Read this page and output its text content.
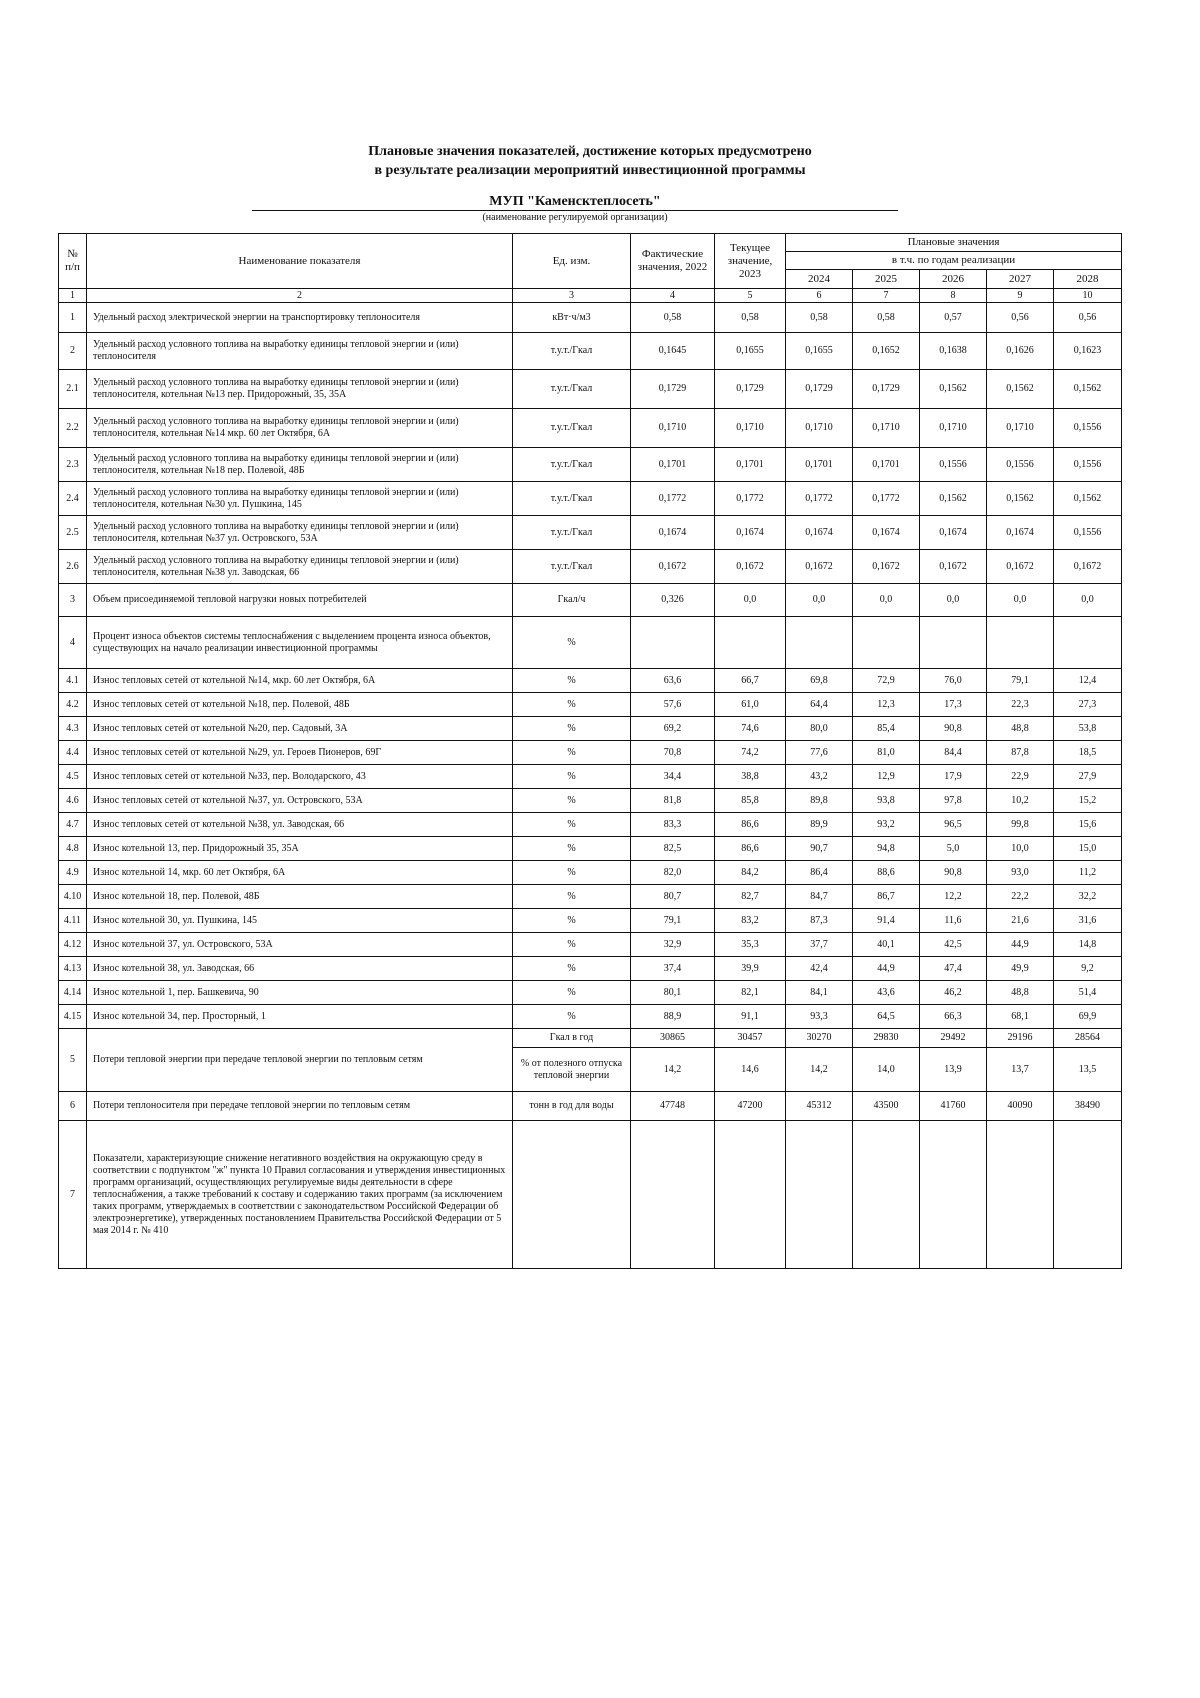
Плановые значения показателей, достижение которых предусмотрено
в результате реализации мероприятий инвестиционной программы
МУП "Каменсктеплосеть"
(наименование регулируемой организации)
№ п/п	Наименование показателя	Ед. изм.	Фактические значения, 2022	Текущее значение, 2023	Плановые значения				
					в т.ч. по годам реализации				
					2024	2025	2026	2027	2028
1	2	3	4	5	6	7	8	9	10
1	Удельный расход электрической энергии на транспортировку теплоносителя	кВт·ч/м3	0,58	0,58	0,58	0,58	0,57	0,56	0,56
2	Удельный расход условного топлива на выработку единицы тепловой энергии и (или) теплоносителя	т.у.т./Гкал	0,1645	0,1655	0,1655	0,1652	0,1638	0,1626	0,1623
2.1	Удельный расход условного топлива на выработку единицы тепловой энергии и (или) теплоносителя, котельная №13 пер. Придорожный, 35, 35А	т.у.т./Гкал	0,1729	0,1729	0,1729	0,1729	0,1562	0,1562	0,1562
2.2	Удельный расход условного топлива на выработку единицы тепловой энергии и (или) теплоносителя, котельная №14 мкр. 60 лет Октября, 6А	т.у.т./Гкал	0,1710	0,1710	0,1710	0,1710	0,1710	0,1710	0,1556
2.3	Удельный расход условного топлива на выработку единицы тепловой энергии и (или) теплоносителя, котельная №18 пер. Полевой, 48Б	т.у.т./Гкал	0,1701	0,1701	0,1701	0,1701	0,1556	0,1556	0,1556
2.4	Удельный расход условного топлива на выработку единицы тепловой энергии и (или) теплоносителя, котельная №30 ул. Пушкина, 145	т.у.т./Гкал	0,1772	0,1772	0,1772	0,1772	0,1562	0,1562	0,1562
2.5	Удельный расход условного топлива на выработку единицы тепловой энергии и (или) теплоносителя, котельная №37 ул. Островского, 53А	т.у.т./Гкал	0,1674	0,1674	0,1674	0,1674	0,1674	0,1674	0,1556
2.6	Удельный расход условного топлива на выработку единицы тепловой энергии и (или) теплоносителя, котельная №38 ул. Заводская, 66	т.у.т./Гкал	0,1672	0,1672	0,1672	0,1672	0,1672	0,1672	0,1672
3	Объем присоединяемой тепловой нагрузки новых потребителей	Гкал/ч	0,326	0,0	0,0	0,0	0,0	0,0	0,0
4	Процент износа объектов системы теплоснабжения с выделением процента износа объектов, существующих на начало реализации инвестиционной программы	%							
4.1	Износ тепловых сетей от котельной №14, мкр. 60 лет Октября, 6А	%	63,6	66,7	69,8	72,9	76,0	79,1	12,4
4.2	Износ тепловых сетей от котельной №18, пер. Полевой, 48Б	%	57,6	61,0	64,4	12,3	17,3	22,3	27,3
4.3	Износ тепловых сетей от котельной №20, пер. Садовый, 3А	%	69,2	74,6	80,0	85,4	90,8	48,8	53,8
4.4	Износ тепловых сетей от котельной №29, ул. Героев Пионеров, 69Г	%	70,8	74,2	77,6	81,0	84,4	87,8	18,5
4.5	Износ тепловых сетей от котельной №33, пер. Володарского, 43	%	34,4	38,8	43,2	12,9	17,9	22,9	27,9
4.6	Износ тепловых сетей от котельной №37, ул. Островского, 53А	%	81,8	85,8	89,8	93,8	97,8	10,2	15,2
4.7	Износ тепловых сетей от котельной №38, ул. Заводская, 66	%	83,3	86,6	89,9	93,2	96,5	99,8	15,6
4.8	Износ котельной 13, пер. Придорожный 35, 35А	%	82,5	86,6	90,7	94,8	5,0	10,0	15,0
4.9	Износ котельной 14, мкр. 60 лет Октября, 6А	%	82,0	84,2	86,4	88,6	90,8	93,0	11,2
4.10	Износ котельной 18, пер. Полевой, 48Б	%	80,7	82,7	84,7	86,7	12,2	22,2	32,2
4.11	Износ котельной 30, ул. Пушкина, 145	%	79,1	83,2	87,3	91,4	11,6	21,6	31,6
4.12	Износ котельной 37, ул. Островского, 53А	%	32,9	35,3	37,7	40,1	42,5	44,9	14,8
4.13	Износ котельной 38, ул. Заводская, 66	%	37,4	39,9	42,4	44,9	47,4	49,9	9,2
4.14	Износ котельной 1, пер. Башкевича, 90	%	80,1	82,1	84,1	43,6	46,2	48,8	51,4
4.15	Износ котельной 34, пер. Просторный, 1	%	88,9	91,1	93,3	64,5	66,3	68,1	69,9
5	Потери тепловой энергии при передаче тепловой энергии по тепловым сетям	Гкал в год	30865	30457	30270	29830	29492	29196	28564
		% от полезного отпуска тепловой энергии	14,2	14,6	14,2	14,0	13,9	13,7	13,5
6	Потери теплоносителя при передаче тепловой энергии по тепловым сетям	тонн в год для воды	47748	47200	45312	43500	41760	40090	38490
7	Показатели, характеризующие снижение негативного воздействия на окружающую среду в соответствии с подпунктом "ж" пункта 10 Правил согласования и утверждения инвестиционных программ организаций, осуществляющих регулируемые виды деятельности в сфере теплоснабжения, а также требований к составу и содержанию таких программ (за исключением таких программ, утверждаемых в соответствии с законодательством Российской Федерации об электроэнергетике), утвержденных постановлением Правительства Российской Федерации от 5 мая 2014 г. № 410								
